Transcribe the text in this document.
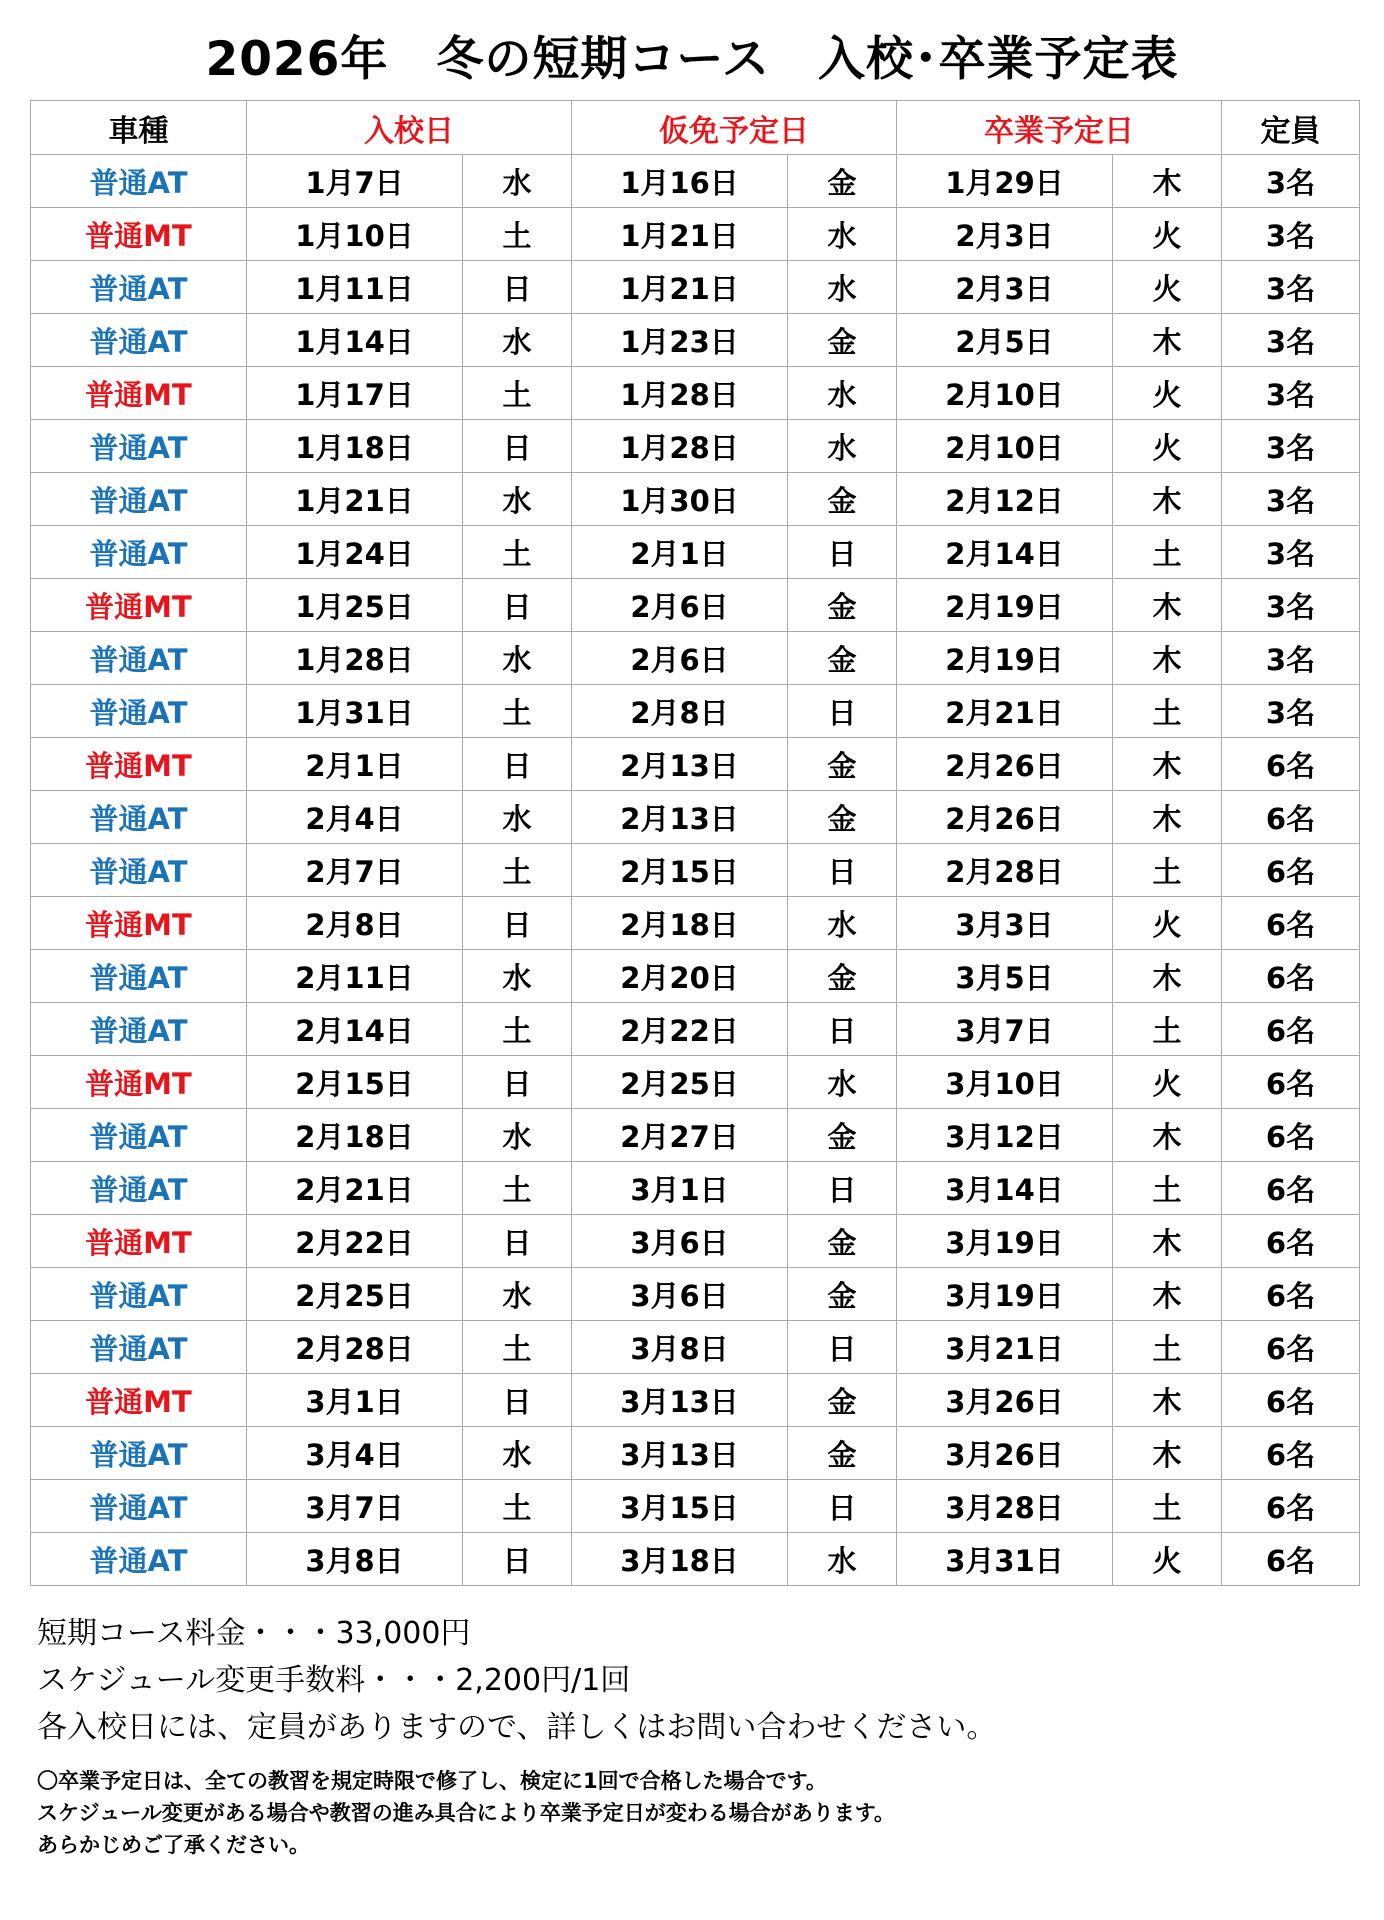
2026年　冬の短期コース　入校･卒業予定表
車種	入校日		仮免予定日		卒業予定日		定員
普通AT	1月7日	水	1月16日	金	1月29日	木	3名
普通MT	1月10日	土	1月21日	水	2月3日	火	3名
普通AT	1月11日	日	1月21日	水	2月3日	火	3名
普通AT	1月14日	水	1月23日	金	2月5日	木	3名
普通MT	1月17日	土	1月28日	水	2月10日	火	3名
普通AT	1月18日	日	1月28日	水	2月10日	火	3名
普通AT	1月21日	水	1月30日	金	2月12日	木	3名
普通AT	1月24日	土	2月1日	日	2月14日	土	3名
普通MT	1月25日	日	2月6日	金	2月19日	木	3名
普通AT	1月28日	水	2月6日	金	2月19日	木	3名
普通AT	1月31日	土	2月8日	日	2月21日	土	3名
普通MT	2月1日	日	2月13日	金	2月26日	木	6名
普通AT	2月4日	水	2月13日	金	2月26日	木	6名
普通AT	2月7日	土	2月15日	日	2月28日	土	6名
普通MT	2月8日	日	2月18日	水	3月3日	火	6名
普通AT	2月11日	水	2月20日	金	3月5日	木	6名
普通AT	2月14日	土	2月22日	日	3月7日	土	6名
普通MT	2月15日	日	2月25日	水	3月10日	火	6名
普通AT	2月18日	水	2月27日	金	3月12日	木	6名
普通AT	2月21日	土	3月1日	日	3月14日	土	6名
普通MT	2月22日	日	3月6日	金	3月19日	木	6名
普通AT	2月25日	水	3月6日	金	3月19日	木	6名
普通AT	2月28日	土	3月8日	日	3月21日	土	6名
普通MT	3月1日	日	3月13日	金	3月26日	木	6名
普通AT	3月4日	水	3月13日	金	3月26日	木	6名
普通AT	3月7日	土	3月15日	日	3月28日	土	6名
普通AT	3月8日	日	3月18日	水	3月31日	火	6名
短期コース料金・・・33,000円
スケジュール変更手数料・・・2,200円/1回
各入校日には、定員がありますので、詳しくはお問い合わせください。
〇卒業予定日は、全ての教習を規定時限で修了し、検定に1回で合格した場合です。
スケジュール変更がある場合や教習の進み具合により卒業予定日が変わる場合があります。
あらかじめご了承ください。
